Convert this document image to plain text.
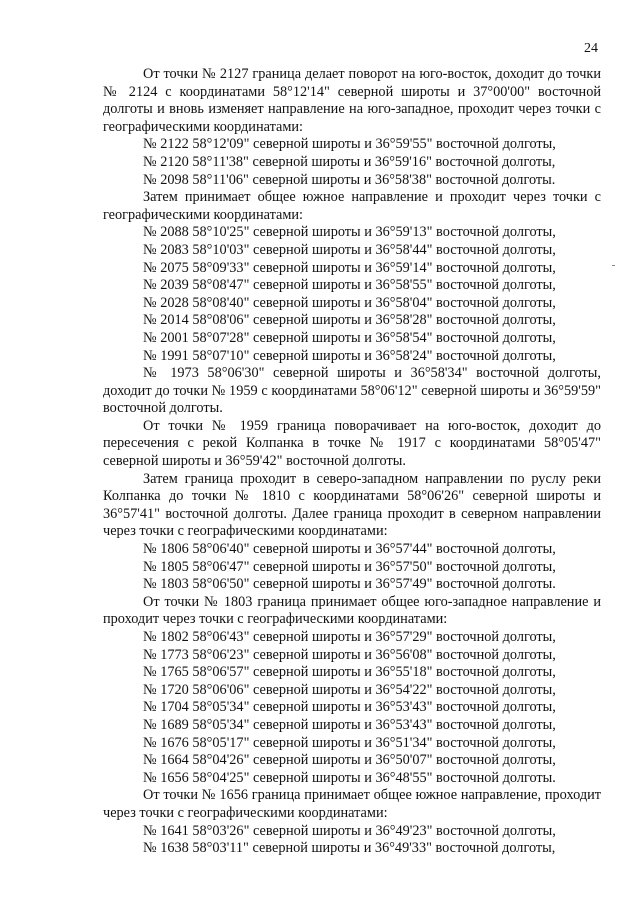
24

От точки № 2127 граница делает поворот на юго-восток, доходит до точки № 2124 с координатами 58°12'14" северной широты и 37°00'00" восточной долготы и вновь изменяет направление на юго-западное, проходит через точки с географическими координатами:

№ 2122 58°12'09" северной широты и 36°59'55" восточной долготы,

№ 2120 58°11'38" северной широты и 36°59'16" восточной долготы,

№ 2098 58°11'06" северной широты и 36°58'38" восточной долготы.

Затем принимает общее южное направление и проходит через точки с географическими координатами:

№ 2088 58°10'25" северной широты и 36°59'13" восточной долготы,

№ 2083 58°10'03" северной широты и 36°58'44" восточной долготы,

№ 2075 58°09'33" северной широты и 36°59'14" восточной долготы,

№ 2039 58°08'47" северной широты и 36°58'55" восточной долготы,

№ 2028 58°08'40" северной широты и 36°58'04" восточной долготы,

№ 2014 58°08'06" северной широты и 36°58'28" восточной долготы,

№ 2001 58°07'28" северной широты и 36°58'54" восточной долготы,

№ 1991 58°07'10" северной широты и 36°58'24" восточной долготы,

№ 1973 58°06'30" северной широты и 36°58'34" восточной долготы, доходит до точки № 1959 с координатами 58°06'12" северной широты и 36°59'59" восточной долготы.

От точки № 1959 граница поворачивает на юго-восток, доходит до пересечения с рекой Колпанка в точке № 1917 с координатами 58°05'47" северной широты и 36°59'42" восточной долготы.

Затем граница проходит в северо-западном направлении по руслу реки Колпанка до точки № 1810 с координатами 58°06'26" северной широты и 36°57'41" восточной долготы. Далее граница проходит в северном направлении через точки с географическими координатами:

№ 1806 58°06'40" северной широты и 36°57'44" восточной долготы,

№ 1805 58°06'47" северной широты и 36°57'50" восточной долготы,

№ 1803 58°06'50" северной широты и 36°57'49" восточной долготы.

От точки № 1803 граница принимает общее юго-западное направление и проходит через точки с географическими координатами:

№ 1802 58°06'43" северной широты и 36°57'29" восточной долготы,

№ 1773 58°06'23" северной широты и 36°56'08" восточной долготы,

№ 1765 58°06'57" северной широты и 36°55'18" восточной долготы,

№ 1720 58°06'06" северной широты и 36°54'22" восточной долготы,

№ 1704 58°05'34" северной широты и 36°53'43" восточной долготы,

№ 1689 58°05'34" северной широты и 36°53'43" восточной долготы,

№ 1676 58°05'17" северной широты и 36°51'34" восточной долготы,

№ 1664 58°04'26" северной широты и 36°50'07" восточной долготы,

№ 1656 58°04'25" северной широты и 36°48'55" восточной долготы.

От точки № 1656 граница принимает общее южное направление, проходит через точки с географическими координатами:

№ 1641 58°03'26" северной широты и 36°49'23" восточной долготы,

№ 1638 58°03'11" северной широты и 36°49'33" восточной долготы,
